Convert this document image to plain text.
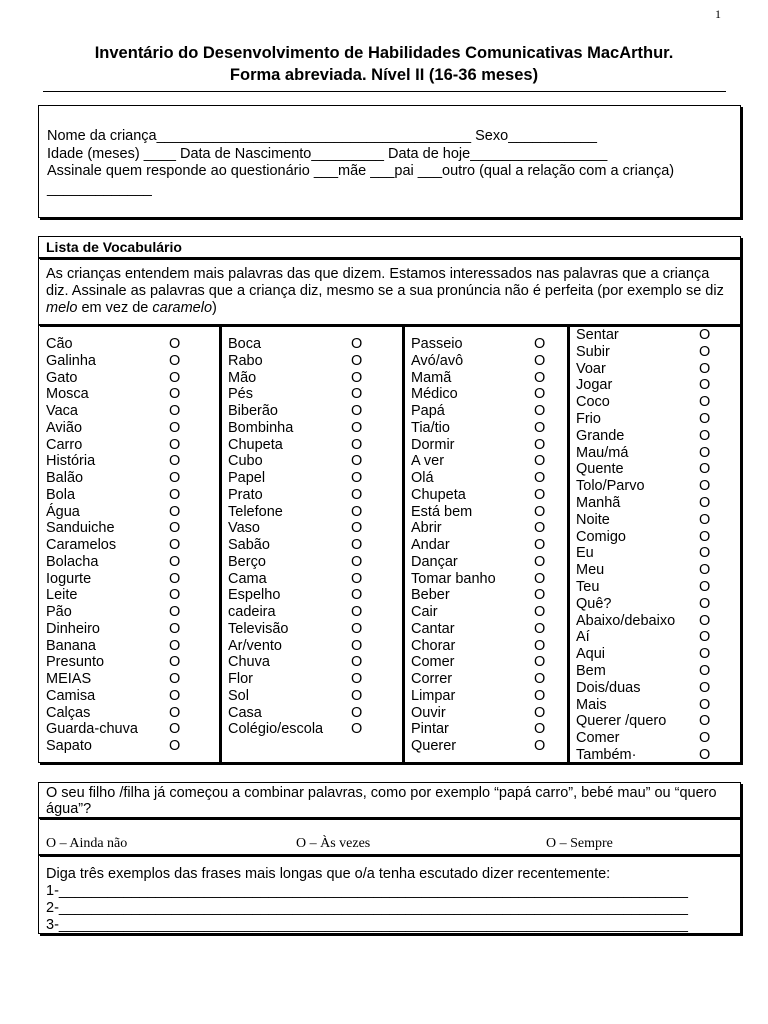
1
Inventário do Desenvolvimento de Habilidades Comunicativas MacArthur.
Forma abreviada. Nível II (16-36 meses)
Nome da criança_______________________________________ Sexo___________
Idade (meses) ____ Data de Nascimento_________ Data de hoje_________________
Assinale quem responde ao questionário ___mãe ___pai ___outro (qual a relação com a criança)
_____________
Lista de Vocabulário
As crianças entendem mais palavras das que dizem. Estamos interessados nas palavras que a criança diz. Assinale as palavras que a criança diz, mesmo se a sua pronúncia não é perfeita (por exemplo se diz melo em vez de caramelo)
Cão	O
Galinha	O
Gato	O
Mosca	O
Vaca	O
Avião	O
Carro	O
História	O
Balão	O
Bola	O
Água	O
Sanduiche	O
Caramelos	O
Bolacha	O
Iogurte	O
Leite	O
Pão	O
Dinheiro	O
Banana	O
Presunto	O
MEIAS	O
Camisa	O
Calças	O
Guarda-chuva O
Sapato	O
Boca	O
Rabo	O
Mão	O
Pés	O
Biberão	O
Bombinha	O
Chupeta	O
Cubo	O
Papel	O
Prato	O
Telefone	O
Vaso	O
Sabão	O
Berço	O
Cama	O
Espelho	O
cadeira	O
Televisão	O
Ar/vento	O
Chuva	O
Flor	O
Sol	O
Casa	O
Colégio/escola O
Passeio	O
Avó/avô	O
Mamã	O
Médico	O
Papá	O
Tia/tio	O
Dormir	O
A ver	O
Olá	O
Chupeta	O
Está bem	O
Abrir	O
Andar	O
Dançar	O
Tomar banho	O
Beber	O
Cair	O
Cantar	O
Chorar	O
Comer	O
Correr	O
Limpar	O
Ouvir	O
Pintar	O
Querer	O
Sentar	O
Subir	O
Voar	O
Jogar	O
Coco	O
Frio	O
Grande	O
Mau/má	O
Quente	O
Tolo/Parvo	O
Manhã	O
Noite	O
Comigo	O
Eu	O
Meu	O
Teu	O
Quê?	O
Abaixo/debaixo O
Aí	O
Aqui	O
Bem	O
Dois/duas	O
Mais	O
Querer /quero O
Comer	O
Também·	O
O seu filho /filha já começou a combinar palavras, como por exemplo “papá carro”, bebé mau” ou “quero água”?
O – Ainda não	O – Às vezes	O – Sempre
Diga três exemplos das frases mais longas que o/a tenha escutado dizer recentemente:
1-______________________________________________________________________________
2-______________________________________________________________________________
3-______________________________________________________________________________
